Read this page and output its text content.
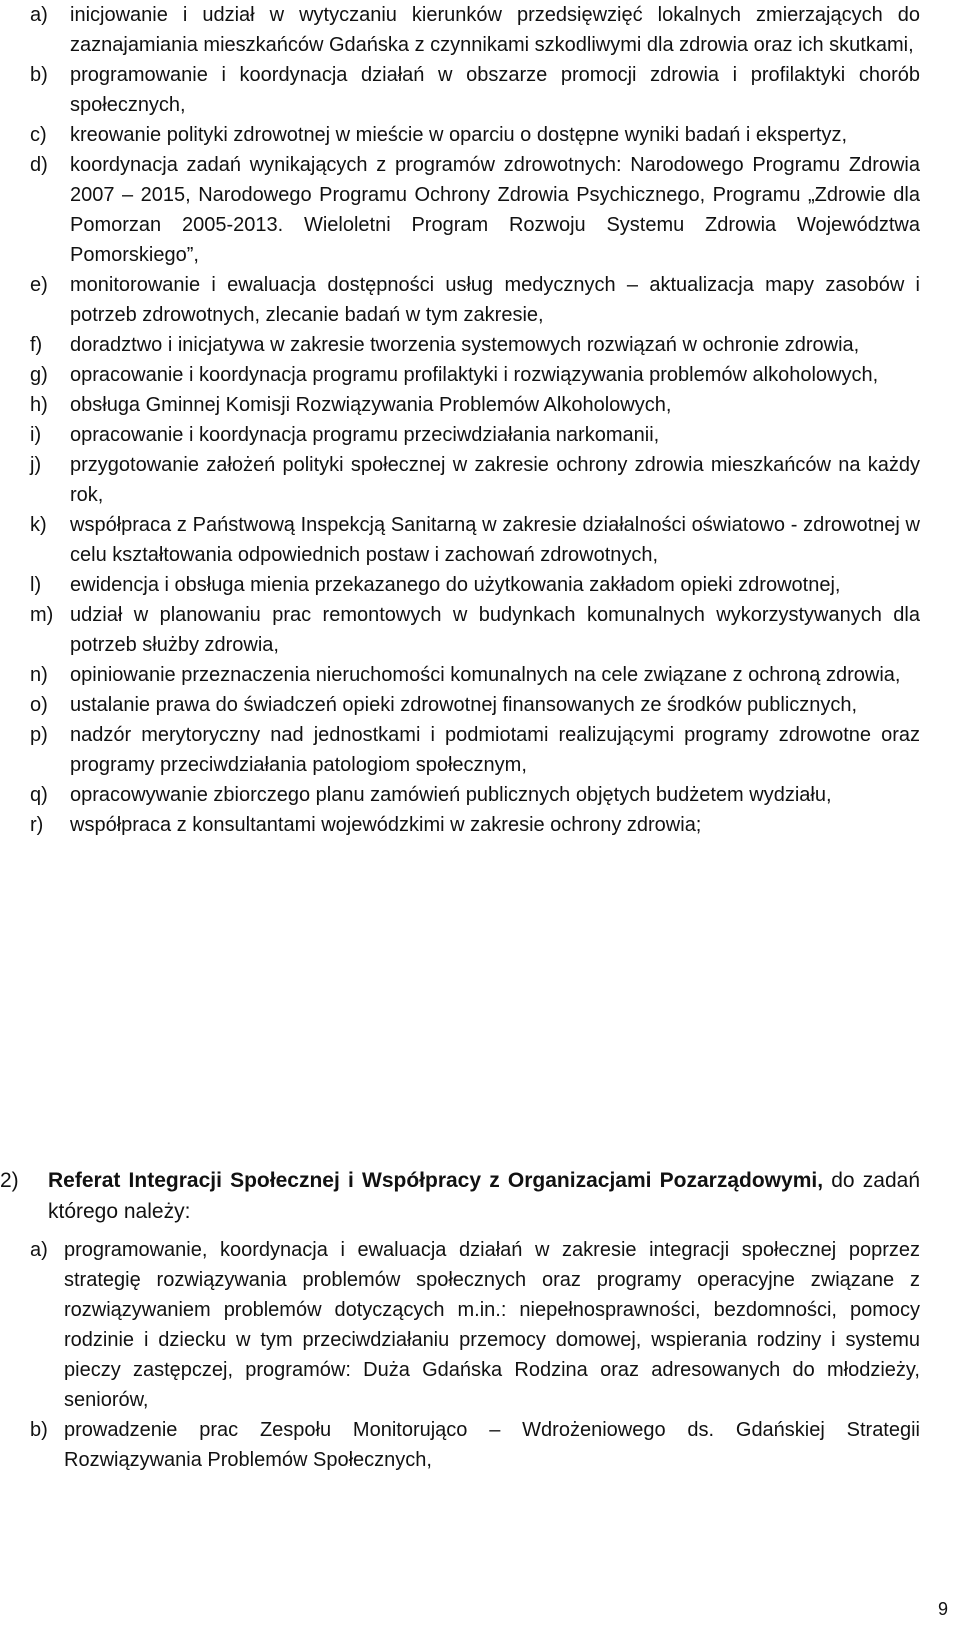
a)	inicjowanie i udział w wytyczaniu kierunków przedsięwzięć lokalnych zmierzających do zaznajamiania mieszkańców Gdańska z czynnikami szkodliwymi dla zdrowia oraz ich skutkami,
b)	programowanie i koordynacja działań w obszarze promocji zdrowia i profilaktyki chorób społecznych,
c)	kreowanie polityki zdrowotnej w mieście w oparciu o dostępne wyniki badań i ekspertyz,
d)	koordynacja zadań wynikających z programów zdrowotnych: Narodowego Programu Zdrowia 2007 – 2015, Narodowego Programu Ochrony Zdrowia Psychicznego, Programu „Zdrowie dla Pomorzan 2005-2013. Wieloletni Program Rozwoju Systemu Zdrowia Województwa Pomorskiego”,
e)	monitorowanie i ewaluacja dostępności usług medycznych – aktualizacja mapy zasobów i potrzeb zdrowotnych, zlecanie badań w tym zakresie,
f)	doradztwo i inicjatywa w zakresie tworzenia systemowych rozwiązań w ochronie zdrowia,
g)	opracowanie i koordynacja programu profilaktyki i rozwiązywania problemów alkoholowych,
h)	obsługa Gminnej Komisji Rozwiązywania Problemów Alkoholowych,
i)	opracowanie i koordynacja programu przeciwdziałania narkomanii,
j)	przygotowanie założeń polityki społecznej w zakresie ochrony zdrowia mieszkańców na każdy rok,
k)	współpraca z Państwową Inspekcją Sanitarną w zakresie działalności oświatowo - zdrowotnej w celu kształtowania odpowiednich postaw i zachowań zdrowotnych,
l)	ewidencja i obsługa mienia przekazanego do użytkowania zakładom opieki zdrowotnej,
m) udział w planowaniu prac remontowych w budynkach komunalnych wykorzystywanych dla potrzeb służby zdrowia,
n)	opiniowanie przeznaczenia nieruchomości komunalnych na cele związane z ochroną zdrowia,
o)	ustalanie prawa do świadczeń opieki zdrowotnej finansowanych ze środków publicznych,
p)	nadzór merytoryczny nad jednostkami i podmiotami realizującymi programy zdrowotne oraz programy przeciwdziałania patologiom społecznym,
q)	opracowywanie zbiorczego planu zamówień publicznych objętych budżetem wydziału,
r)	współpraca z konsultantami wojewódzkimi w zakresie ochrony zdrowia;
2)	Referat Integracji Społecznej i Współpracy z Organizacjami Pozarządowymi, do zadań którego należy:
a) programowanie, koordynacja i ewaluacja działań w zakresie integracji społecznej poprzez strategię rozwiązywania problemów społecznych oraz programy operacyjne związane z rozwiązywaniem problemów dotyczących m.in.: niepełnosprawności, bezdomności, pomocy rodzinie i dziecku w tym przeciwdziałaniu przemocy domowej, wspierania rodziny i systemu pieczy zastępczej, programów: Duża Gdańska Rodzina oraz adresowanych do młodzieży, seniorów,
b) prowadzenie prac Zespołu Monitorująco – Wdrożeniowego ds. Gdańskiej Strategii Rozwiązywania Problemów Społecznych,
9
